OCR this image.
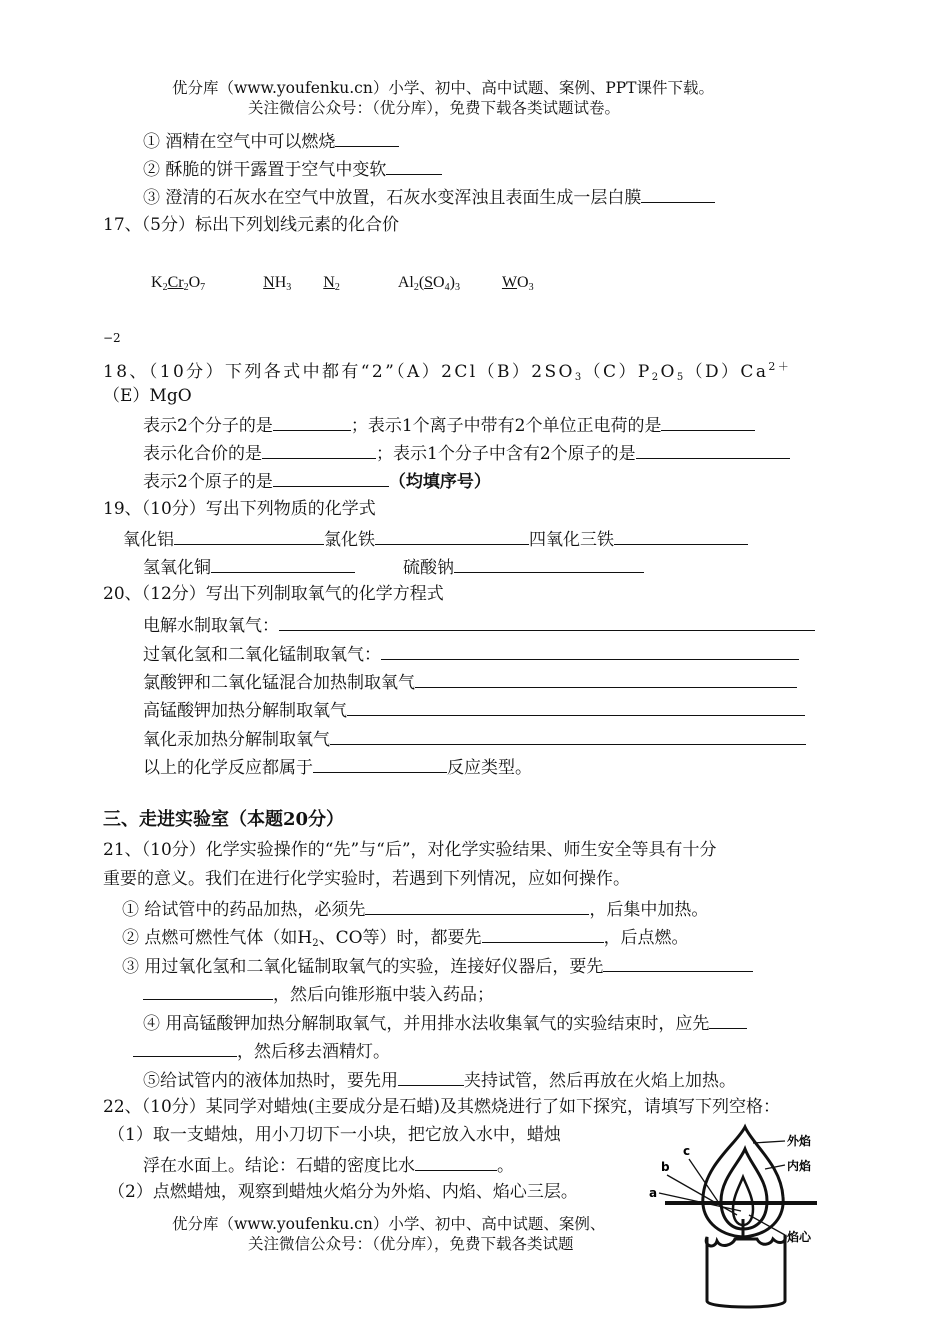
优分库（www.youfenku.cn）小学、初中、高中试题、案例、PPT课件下载。
关注微信公众号：（优分库），免费下载各类试题试卷。
① 酒精在空气中可以燃烧
② 酥脆的饼干露置于空气中变软
③ 澄清的石灰水在空气中放置，石灰水变浑浊且表面生成一层白膜
17、（5分）标出下列划线元素的化合价
$K_2Cr_2O_7$	$NH_3$ $N_2$	$Al_2(SO_4)_3$	$WO_3$
−2
18、（10分）下列各式中都有“$2”(A)2Cl(B)2SO_3(C)P_2O_5(D)Ca^{2+}$
（E）MgO
表示2个分子的是	；表示1个离子中带有2个单位正电荷的是
表示化合价的是	；表示1个分子中含有2个原子的是
表示2个原子的是	（均填序号）
19、（10分）写出下列物质的化学式
氧化铝	氯化铁	四氧化三铁
氢氧化铜	硫酸钠
20、（12分）写出下列制取氧气的化学方程式
电解水制取氧气：
过氧化氢和二氧化锰制取氧气：
氯酸钾和二氧化锰混合加热制取氧气
高锰酸钾加热分解制取氧气
氧化汞加热分解制取氧气
以上的化学反应都属于	反应类型。
三、走进实验室（本题20分）
21、（10分）化学实验操作的“先”与“后”，对化学实验结果、师生安全等具有十分
重要的意义。我们在进行化学实验时，若遇到下列情况，应如何操作。
① 给试管中的药品加热，必须先	，后集中加热。
② 点燃可燃性气体（如$H_2$、CO等）时，都要先	，后点燃。
③ 用过氧化氢和二氧化锰制取氧气的实验，连接好仪器后，要先
，然后向锥形瓶中装入药品；
④ 用高锰酸钾加热分解制取氧气，并用排水法收集氧气的实验结束时，应先
，然后移去酒精灯。
⑤给试管内的液体加热时，要先用	夹持试管，然后再放在火焰上加热。
22、（10分）某同学对蜡烛(主要成分是石蜡)及其燃烧进行了如下探究，请填写下列空格：
（1）取一支蜡烛，用小刀切下一小块，把它放入水中，蜡烛
浮在水面上。结论：石蜡的密度比水	。
（2）点燃蜡烛，观察到蜡烛火焰分为外焰、内焰、焰心三层。
优分库（www.youfenku.cn）小学、初中、高中试题、案例、
关注微信公众号：（优分库），免费下载各类试题
外焰
内焰
焰心
c
b
a
